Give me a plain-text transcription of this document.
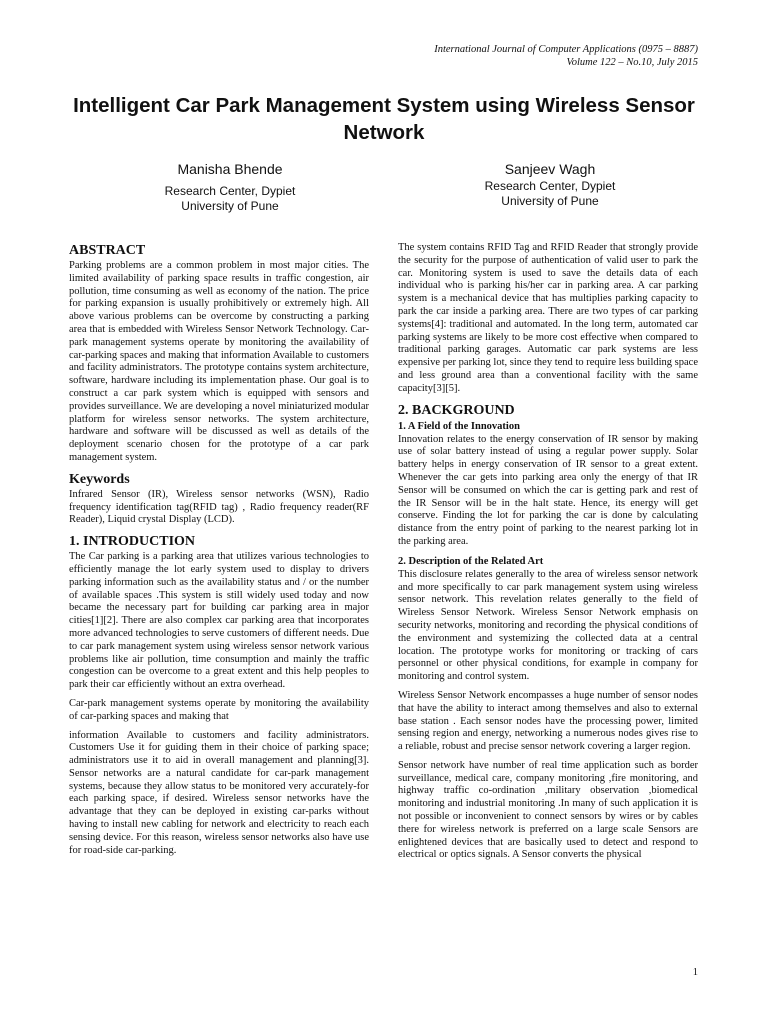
International Journal of Computer Applications (0975 – 8887)
Volume 122 – No.10, July 2015
Intelligent Car Park Management System using Wireless Sensor Network
Manisha Bhende
Research Center, Dypiet
University of Pune
Sanjeev Wagh
Research Center, Dypiet
University of Pune
ABSTRACT

Parking problems are a common problem in most major cities. The limited availability of parking space results in traffic congestion, air pollution, time consuming as well as economy of the nation. The price for parking expansion is usually prohibitively or extremely high. All above various problems can be overcome by constructing a parking area that is embedded with Wireless Sensor Network Technology. Car-park management systems operate by monitoring the availability of car-parking spaces and making that information Available to customers and facility administrators. The prototype contains system architecture, software, hardware including its implementation phase. Our goal is to construct a car park system which is equipped with sensors and provides surveillance. We are developing a novel miniaturized modular platform for wireless sensor networks. The system architecture, hardware and software will be discussed as well as details of the deployment scenario chosen for the prototype of a car park management system.

Keywords

Infrared Sensor (IR), Wireless sensor networks (WSN), Radio frequency identification tag(RFID tag) , Radio frequency reader(RF Reader), Liquid crystal Display (LCD).

1. INTRODUCTION

The Car parking is a parking area that utilizes various technologies to efficiently manage the lot early system used to display to drivers parking information such as the availability status and / or the number of available spaces .This system is still widely used today and now became the necessary part for building car parking area in major cities[1][2]. There are also complex car parking area that incorporates more advanced technologies to serve customers of different needs. Due to car park management system using wireless sensor network various problems like air pollution, time consumption and mainly the traffic congestion can be overcome to a great extent and this help peoples to park their car efficiently without an extra overhead.

Car-park management systems operate by monitoring the availability of car-parking spaces and making that

information Available to customers and facility administrators. Customers Use it for guiding them in their choice of parking space; administrators use it to aid in overall management and planning[3]. Sensor networks are a natural candidate for car-park management systems, because they allow status to be monitored very accurately-for each parking space, if desired. Wireless sensor networks have the advantage that they can be deployed in existing car-parks without having to install new cabling for network and electricity to reach each sensing device. For this reason, wireless sensor networks also have use for road-side car-parking.

The system contains RFID Tag and RFID Reader that strongly provide the security for the purpose of authentication of valid user to park the car. Monitoring system is used to save the details data of each individual who is parking his/her car in parking area. A car parking system is a mechanical device that has multiplies parking capacity to park the car inside a parking area. There are two types of car parking systems[4]: traditional and automated. In the long term, automated car parking systems are likely to be more cost effective when compared to traditional parking garages. Automatic car park systems are less expensive per parking lot, since they tend to require less building space and less ground area than a conventional facility with the same capacity[3][5].

2. BACKGROUND
1. A Field of the Innovation

Innovation relates to the energy conservation of IR sensor by making use of solar battery instead of using a regular power supply. Solar battery helps in energy conservation of IR sensor to a great extent. Whenever the car gets into parking area only the energy of that IR Sensor will be consumed on which the car is getting park and rest of the IR Sensor will be in the halt state. Hence, its energy will get conserve. Finding the lot for parking the car is done by calculating distance from the entry point of parking to the nearest parking lot in the parking area.

2. Description of the Related Art

This disclosure relates generally to the area of wireless sensor network and more specifically to car park management system using wireless sensor network. This revelation relates generally to the field of Wireless Sensor Network. Wireless Sensor Network emphasis on security networks, monitoring and recording the physical conditions of the environment and systemizing the collected data at a central location. The prototype works for monitoring or tracking of cars personnel or other physical conditions, for example in company for monitoring and control system.

Wireless Sensor Network encompasses a huge number of sensor nodes that have the ability to interact among themselves and also to external base station . Each sensor nodes have the processing power, limited sensing region and energy, networking a numerous nodes gives rise to a reliable, robust and precise sensor network covering a larger region.

Sensor network have number of real time application such as border surveillance, medical care, company monitoring ,fire monitoring, and highway traffic co-ordination ,military observation ,biomedical monitoring and industrial monitoring .In many of such application it is not possible or inconvenient to connect sensors by wires or by cables there for wireless network is preferred on a large scale Sensors are enlightened devices that are basically used to detect and respond to electrical or optics signals. A Sensor converts the physical

1
